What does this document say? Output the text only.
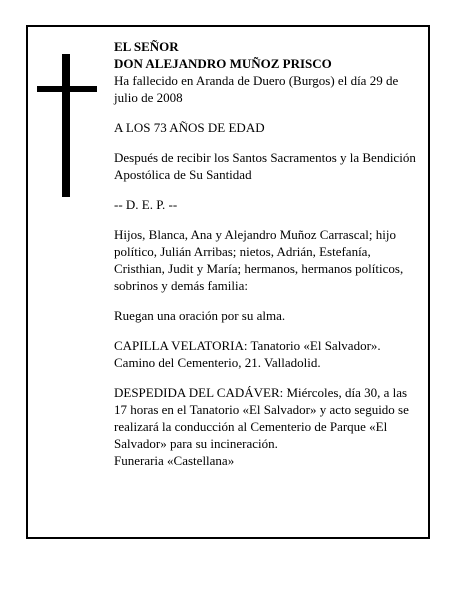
EL SEÑOR

DON ALEJANDRO MUÑOZ PRISCO

Ha fallecido en Aranda de Duero (Burgos) el día 29 de julio de 2008

A LOS 73 AÑOS DE EDAD

Después de recibir los Santos Sacramentos y la Bendición Apostólica de Su Santidad

-- D. E. P. --

Hijos, Blanca, Ana y Alejandro Muñoz Carrascal; hijo político, Julián Arribas; nietos, Adrián, Estefanía, Cristhian, Judit y María; hermanos, hermanos políticos, sobrinos y demás familia:

Ruegan una oración por su alma.

CAPILLA VELATORIA: Tanatorio «El Salvador». Camino del Cementerio, 21. Valladolid.

DESPEDIDA DEL CADÁVER: Miércoles, día 30, a las 17 horas en el Tanatorio «El Salvador» y acto seguido se realizará la conducción al Cementerio de Parque «El Salvador» para su incineración.

Funeraria «Castellana»
